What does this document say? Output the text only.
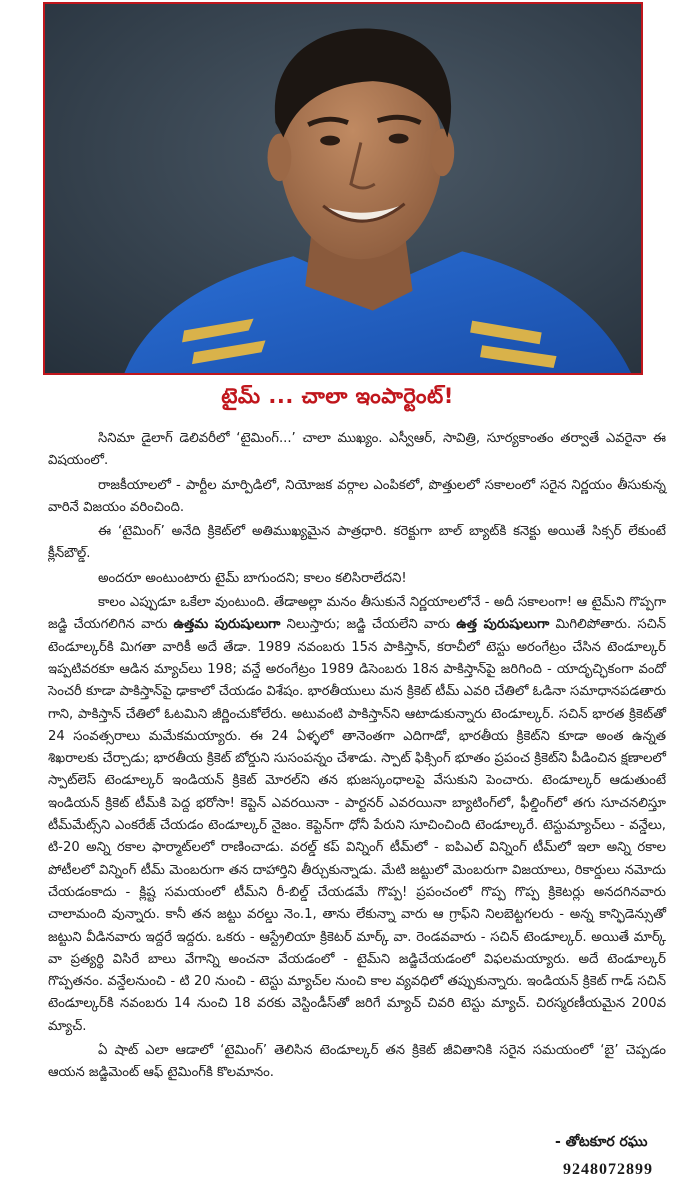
టైమ్ ... చాలా ఇంపార్టెంట్!

సినిమా డైలాగ్ డెలివరీలో ‘టైమింగ్...’ చాలా ముఖ్యం. ఎస్వీఆర్, సావిత్రి, సూర్యకాంతం తర్వాతే ఎవరైనా ఈ విషయంలో.

రాజకీయాలలో - పార్టీల మార్పిడిలో, నియోజక వర్గాల ఎంపికలో, పొత్తులలో సకాలంలో సరైన నిర్ణయం తీసుకున్న వారినే విజయం వరించింది.

ఈ ‘టైమింగ్’ అనేది క్రికెట్‌లో అతిముఖ్యమైన పాత్రధారి. కరెక్టుగా బాల్ బ్యాట్‌కి కనెక్టు అయితే సిక్సర్ లేకుంటే క్లీన్‌బౌల్డ్.

అందరూ అంటుంటారు టైమ్ బాగుందని; కాలం కలిసిరాలేదని!

కాలం ఎప్పుడూ ఒకేలా వుంటుంది. తేడాఅల్లా మనం తీసుకునే నిర్ణయాలలోనే - అదీ సకాలంగా! ఆ టైమ్‌ని గొప్పగా జడ్జి చేయగలిగిన వారు ఉత్తమ పురుషులుగా నిలుస్తారు; జడ్జి చేయలేని వారు ఉత్త పురుషులుగా మిగిలిపోతారు. సచిన్ టెండూల్కర్‌కి మిగతా వారికీ అదే తేడా. 1989 నవంబరు 15న పాకిస్తాన్, కరాచీలో టెస్టు అరంగేట్రం చేసిన టెండూల్కర్ ఇప్పటివరకూ ఆడిన మ్యాచ్‌లు 198; వన్డే అరంగేట్రం 1989 డిసెంబరు 18న పాకిస్తాన్‌పై జరిగింది - యాదృచ్ఛికంగా వందో సెంచరీ కూడా పాకిస్తాన్‌పై ఢాకాలో చేయడం విశేషం. భారతీయులు మన క్రికెట్ టీమ్ ఎవరి చేతిలో ఓడినా సమాధానపడతారు గాని, పాకిస్తాన్ చేతిలో ఓటమిని జీర్ణించుకోలేరు. అటువంటి పాకిస్తాన్‌ని ఆటాడుకున్నారు టెండూల్కర్. సచిన్ భారత క్రికెట్‌తో 24 సంవత్సరాలు మమేకమయ్యారు. ఈ 24 ఏళ్ళలో తానెంతగా ఎదిగాడో, భారతీయ క్రికెట్‌ని కూడా అంత ఉన్నత శిఖరాలకు చేర్చాడు; భారతీయ క్రికెట్ బోర్డుని సుసంపన్నం చేశాడు. స్పాట్ ఫిక్సింగ్ భూతం ప్రపంచ క్రికెట్‌ని పీడించిన క్షణాలలో స్పాట్‌లెస్ టెండూల్కర్ ఇండియన్ క్రికెట్ మోరల్‌ని తన భుజస్కంధాలపై వేసుకుని పెంచారు. టెండూల్కర్ ఆడుతుంటే ఇండియన్ క్రికెట్ టీమ్‌కి పెద్ద భరోసా! కెప్టెన్ ఎవరయినా - పార్టనర్ ఎవరయినా బ్యాటింగ్‌లో, ఫీల్డింగ్‌లో తగు సూచనలిస్తూ టీమ్‌మేట్స్‌ని ఎంకరేజ్ చేయడం టెండూల్కర్ నైజం. కెప్టెన్‌గా ధోనీ పేరుని సూచించింది టెండూల్కరే. టెస్టుమ్యాచ్‌లు - వన్డేలు, టి-20 అన్ని రకాల ఫార్మాట్‌లలో రాణించాడు. వరల్డ్ కప్ విన్నింగ్ టీమ్‌లో - ఐపిఎల్ విన్నింగ్ టీమ్‌లో ఇలా అన్ని రకాల పోటీలలో విన్నింగ్ టీమ్ మెంబరుగా తన దాహార్తిని తీర్చుకున్నాడు. మేటి జట్టులో మెంబరుగా విజయాలు, రికార్డులు నమోదు చేయడంకాదు - క్లిష్ట సమయంలో టీమ్‌ని రీ-బిల్డ్ చేయడమే గొప్ప! ప్రపంచంలో గొప్ప గొప్ప క్రికెటర్లు అనదగినవారు చాలామంది వున్నారు. కానీ తన జట్టు వరల్డు నెం.1, తాను లేకున్నా వారు ఆ గ్రాఫ్‌ని నిలబెట్టగలరు - అన్న కాన్ఫిడెన్సుతో జట్టుని వీడినవారు ఇద్దరే ఇద్దరు. ఒకరు - ఆస్ట్రేలియా క్రికెటర్ మార్క్ వా. రెండవవారు - సచిన్ టెండూల్కర్. అయితే మార్క్ వా ప్రత్యర్థి విసిరే బాలు వేగాన్ని అంచనా వేయడంలో - టైమ్‌ని జడ్జిచేయడంలో విఫలమయ్యారు. అదే టెండూల్కర్ గొప్పతనం. వన్డేలనుంచి - టి 20 నుంచి - టెస్టు మ్యాచ్‌ల నుంచి కాల వ్యవధిలో తప్పుకున్నారు. ఇండియన్ క్రికెట్ గాడ్ సచిన్ టెండూల్కర్‌కి నవంబరు 14 నుంచి 18 వరకు వెస్టిండీస్‌తో జరిగే మ్యాచ్ చివరి టెస్టు మ్యాచ్. చిరస్మరణీయమైన 200వ మ్యాచ్.

ఏ షాట్ ఎలా ఆడాలో ‘టైమింగ్’ తెలిసిన టెండూల్కర్ తన క్రికెట్ జీవితానికి సరైన సమయంలో ‘బై’ చెప్పడం ఆయన జడ్జిమెంట్ ఆఫ్ టైమింగ్‌కి కొలమానం.

- తోటకూర రఘు
9248072899
